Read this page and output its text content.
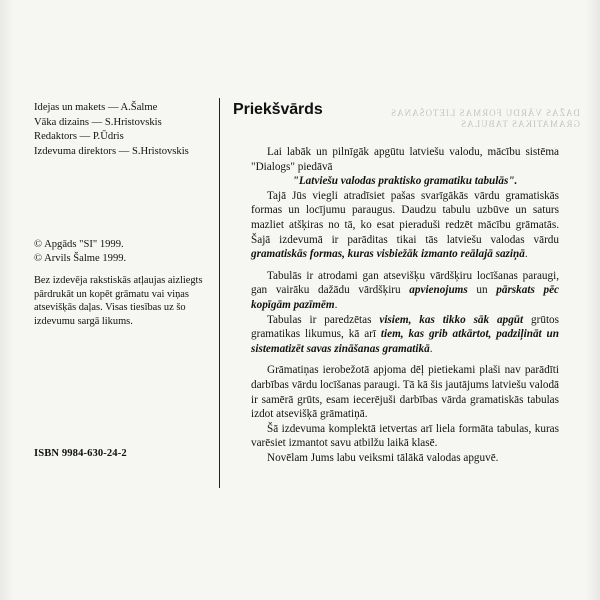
DAŽAS VĀRDU FORMAS LIETOŠANAS
GRAMATIKAS TABULAS
Idejas un makets — A.Šalme
Vāka dizains — S.Hristovskis
Redaktors — P.Ūdris
Izdevuma direktors — S.Hristovskis
© Apgāds "SI" 1999.
© Arvils Šalme 1999.
Bez izdevēja rakstiskās atļaujas aizliegts pārdrukāt un kopēt grāmatu vai viņas atsevišķās daļas. Visas tiesības uz šo izdevumu sargā likums.
ISBN 9984-630-24-2
Priekšvārds

Lai labāk un pilnīgāk apgūtu latviešu valodu, mācību sistēma "Dialogs" piedāvā

"Latviešu valodas praktisko gramatiku tabulās".

Tajā Jūs viegli atradīsiet pašas svarīgākās vārdu gramatiskās formas un locījumu paraugus. Daudzu tabulu uzbūve un saturs mazliet atšķiras no tā, ko esat pieraduši redzēt mācību grāmatās. Šajā izdevumā ir parāditas tikai tās latviešu valodas vārdu gramatiskās formas, kuras visbiežāk izmanto reālajā saziņā.

Tabulās ir atrodami gan atsevišķu vārdšķiru locīšanas paraugi, gan vairāku dažādu vārdšķiru apvienojums un pārskats pēc kopīgām pazīmēm.

Tabulas ir paredzētas visiem, kas tikko sāk apgūt grūtos gramatikas likumus, kā arī tiem, kas grib atkārtot, padziļināt un sistematizēt savas zināšanas gramatikā.

Grāmatiņas ierobežotā apjoma dēļ pietiekami plaši nav parādīti darbības vārdu locīšanas paraugi. Tā kā šis jautājums latviešu valodā ir samērā grūts, esam iecerējuši darbības vārda gramatiskās tabulas izdot atsevišķā grāmatiņā.

Šā izdevuma komplektā ietvertas arī liela formāta tabulas, kuras varēsiet izmantot savu atbilžu laikā klasē.

Novēlam Jums labu veiksmi tālākā valodas apguvē.
